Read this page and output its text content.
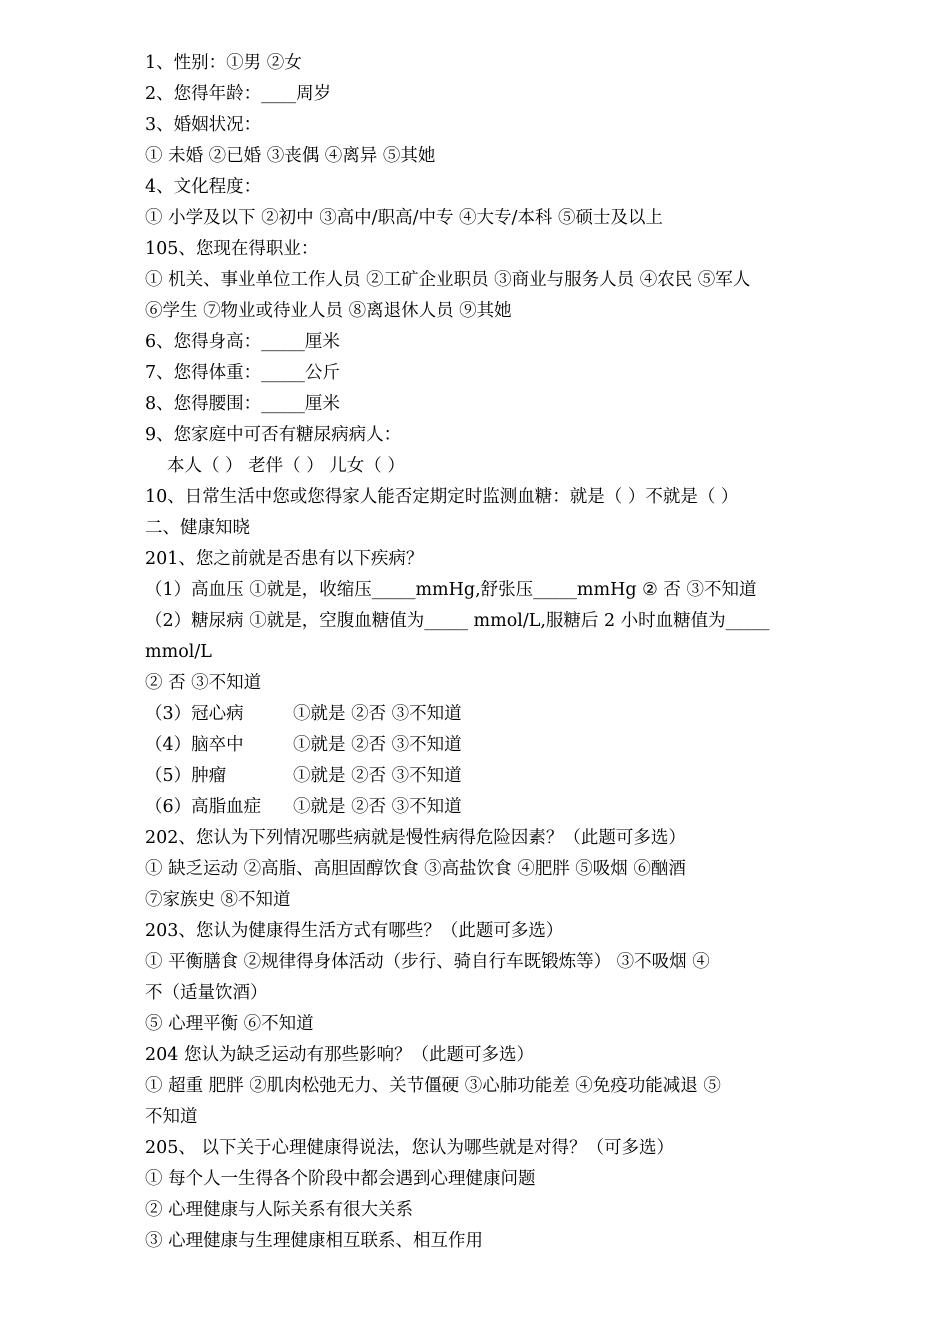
1、性别：①男 ②女
2、您得年龄：____周岁
3、婚姻状况：
① 未婚 ②已婚 ③丧偶 ④离异 ⑤其她
4、文化程度：
① 小学及以下 ②初中 ③高中/职高/中专 ④大专/本科 ⑤硕士及以上
105、您现在得职业：
① 机关、事业单位工作人员 ②工矿企业职员 ③商业与服务人员 ④农民 ⑤军人
⑥学生 ⑦物业或待业人员 ⑧离退休人员 ⑨其她
6、您得身高：_____厘米
7、您得体重：_____公斤
8、您得腰围：_____厘米
9、您家庭中可否有糖尿病病人：
本人（ ） 老伴（ ） 儿女（ ）
10、日常生活中您或您得家人能否定期定时监测血糖：就是（ ）不就是（ ）
二、健康知晓
201、您之前就是否患有以下疾病？
（1）高血压 ①就是，收缩压_____mmHg,舒张压_____mmHg ② 否 ③不知道
（2）糖尿病 ①就是，空腹血糖值为_____ mmol/L,服糖后 2 小时血糖值为_____
mmol/L
② 否 ③不知道
（3）冠心病	①就是 ②否 ③不知道
（4）脑卒中	①就是 ②否 ③不知道
（5）肿瘤	①就是 ②否 ③不知道
（6）高脂血症 ①就是 ②否 ③不知道
202、您认为下列情况哪些病就是慢性病得危险因素？（此题可多选）
① 缺乏运动 ②高脂、高胆固醇饮食 ③高盐饮食 ④肥胖 ⑤吸烟 ⑥酗酒
⑦家族史 ⑧不知道
203、您认为健康得生活方式有哪些？（此题可多选）
① 平衡膳食 ②规律得身体活动（步行、骑自行车既锻炼等） ③不吸烟 ④
不（适量饮酒）
⑤ 心理平衡 ⑥不知道
204 您认为缺乏运动有那些影响？（此题可多选）
① 超重 肥胖 ②肌肉松弛无力、关节僵硬 ③心肺功能差 ④免疫功能减退 ⑤
不知道
205、 以下关于心理健康得说法，您认为哪些就是对得？（可多选）
① 每个人一生得各个阶段中都会遇到心理健康问题
② 心理健康与人际关系有很大关系
③ 心理健康与生理健康相互联系、相互作用
